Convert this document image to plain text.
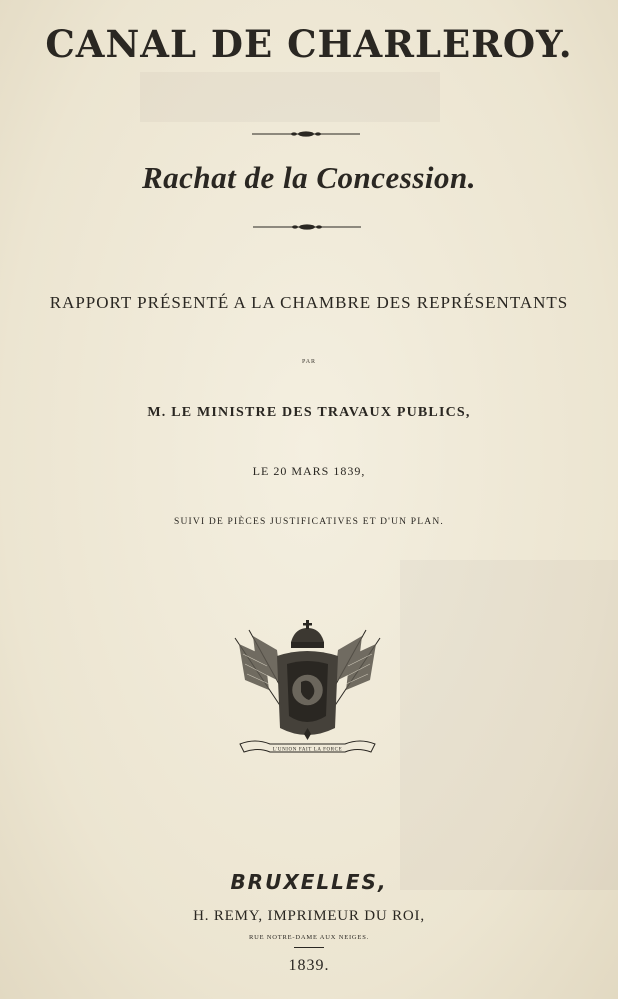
CANAL DE CHARLEROY.
Rachat de la Concession.
RAPPORT PRÉSENTÉ A LA CHAMBRE DES REPRÉSENTANTS
PAR
M. LE MINISTRE DES TRAVAUX PUBLICS,
LE 20 MARS 1839,
SUIVI DE PIÈCES JUSTIFICATIVES ET D'UN PLAN.
L'UNION FAIT LA FORCE
BRUXELLES,
H. REMY, IMPRIMEUR DU ROI,
RUE NOTRE-DAME AUX NEIGES.
1839.
